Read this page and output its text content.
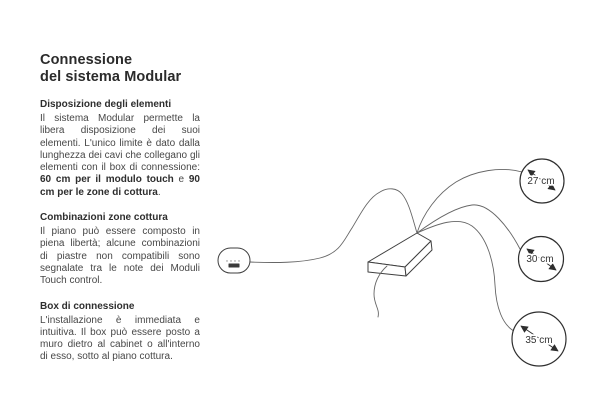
Connessione
del sistema Modular
Disposizione degli elementi

Il sistema Modular permette la libera disposizione dei suoi elementi. L'unico limite è dato dalla lunghezza dei cavi che collegano gli elementi con il box di connessione: 60 cm per il modulo touch e 90 cm per le zone di cottura.

Combinazioni zone cottura

Il piano può essere composto in piena libertà; alcune combinazioni di piastre non compatibili sono segnalate tra le note dei Moduli Touch control.

Box di connessione

L'installazione è immediata e intuitiva. Il box può essere posto a muro dietro al cabinet o all'interno di esso, sotto al piano cottura.

27 cm
30 cm
35 cm
